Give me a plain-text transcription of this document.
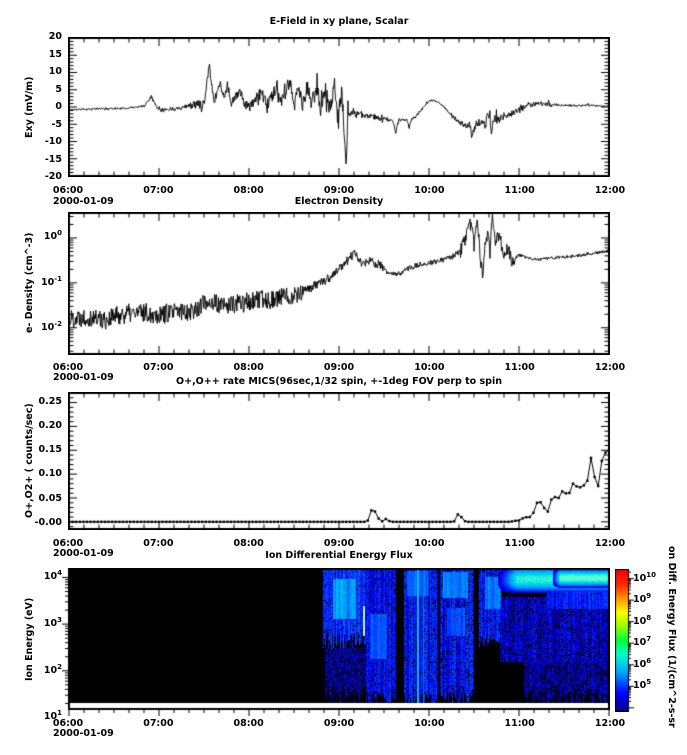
E-Field in xy plane, Scalar
Exy (mV/m)
2000-01-09	Electron Density
e- Density (cm^-3)
2000-01-09	O+,O++ rate MICS(96sec,1/32 spin, +-1deg FOV perp to spin
O+,O2+ ( counts/sec)
2000-01-09	Ion Differential Energy Flux
Ion Energy (eV)
2000-01-09
on Diff. Energy Flux (1/(cm^2-s-sr
20
15
10
5
0
-5
-10
-15
-20
06:00	07:00	08:00	09:00	10:00	11:00	12:00
$10^0$
$10^{-1}$
$10^{-2}$
06:00	07:00	08:00	09:00	10:00	11:00	12:00
0.25
0.20
0.15
0.10
0.05
-0.00
06:00	07:00	08:00	09:00	10:00	11:00	12:00
$10^4$
$10^3$
$10^2$
$10^1$
06:00	07:00	08:00	09:00	10:00	11:00	12:00
$10^{10}$
$10^9$
$10^8$
$10^7$
$10^6$
$10^5$
